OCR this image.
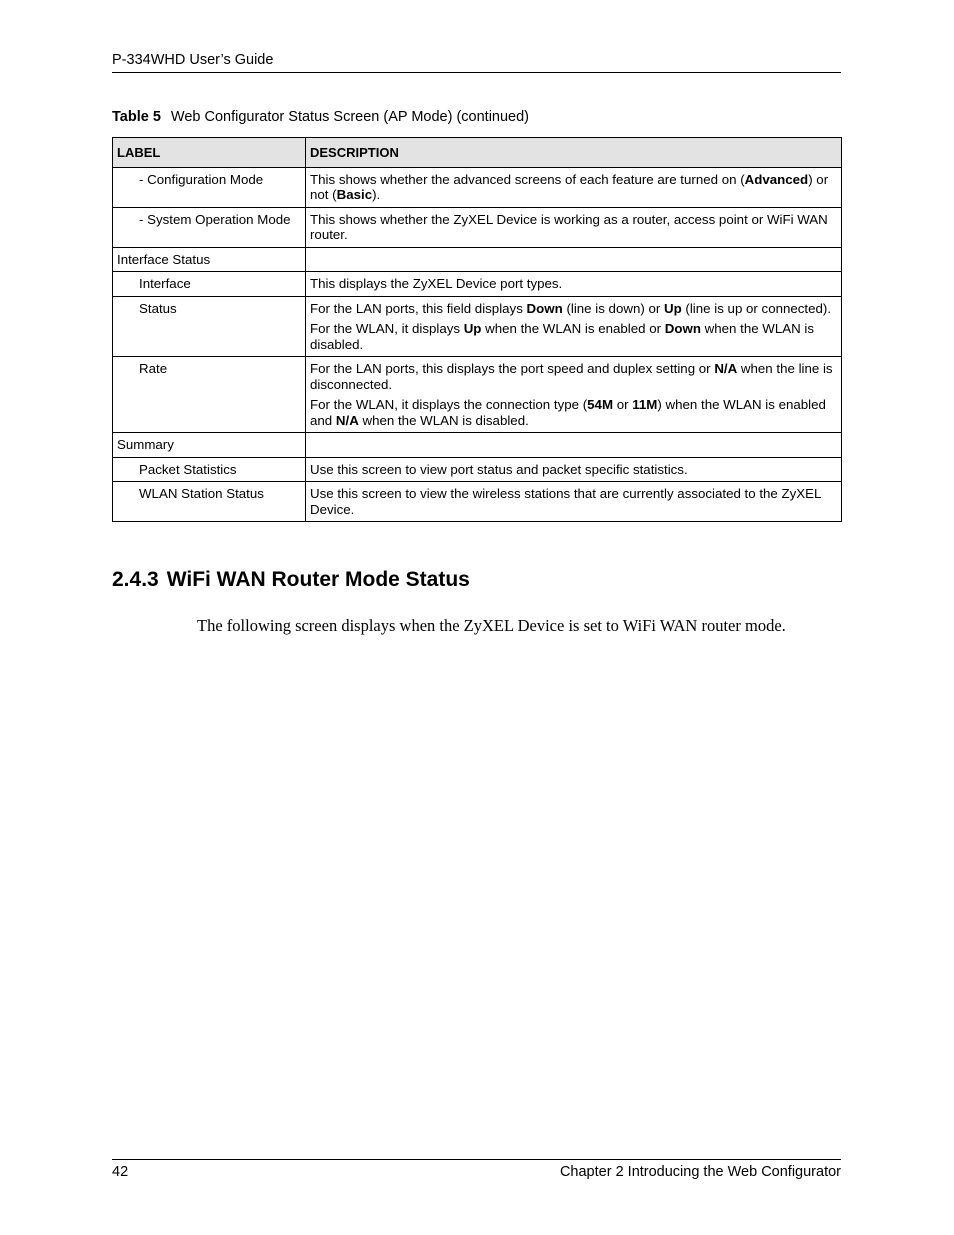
P-334WHD User’s Guide
Table 5 Web Configurator Status Screen (AP Mode) (continued)
LABEL	DESCRIPTION
- Configuration Mode	This shows whether the advanced screens of each feature are turned on (Advanced) or not (Basic).

- System Operation Mode	This shows whether the ZyXEL Device is working as a router, access point or WiFi WAN router.

Interface Status	
Interface	This displays the ZyXEL Device port types.

Status	For the LAN ports, this field displays Down (line is down) or Up (line is up or connected).

For the WLAN, it displays Up when the WLAN is enabled or Down when the WLAN is disabled.

Rate	For the LAN ports, this displays the port speed and duplex setting or N/A when the line is disconnected.

For the WLAN, it displays the connection type (54M or 11M) when the WLAN is enabled and N/A when the WLAN is disabled.

Summary	
Packet Statistics	Use this screen to view port status and packet specific statistics.

WLAN Station Status	Use this screen to view the wireless stations that are currently associated to the ZyXEL Device.

2.4.3 WiFi WAN Router Mode Status
The following screen displays when the ZyXEL Device is set to WiFi WAN router mode.
42	Chapter 2 Introducing the Web Configurator
